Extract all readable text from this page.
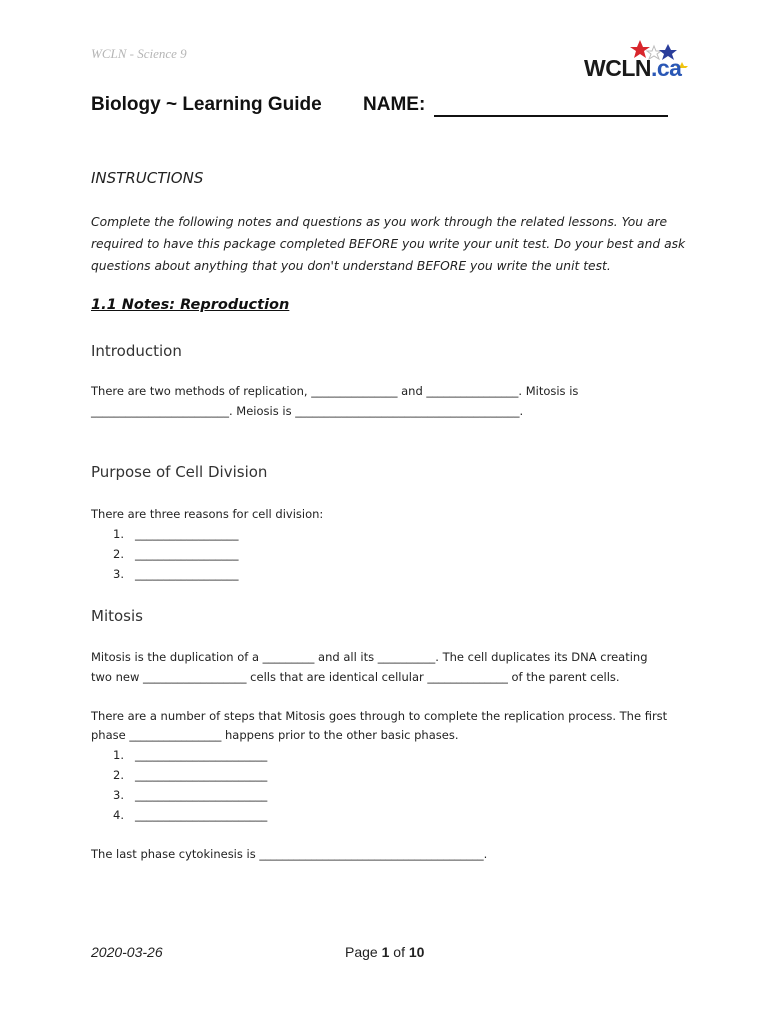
WCLN - Science 9
WCLN.ca
Biology ~ Learning Guide NAME:
INSTRUCTIONS
Complete the following notes and questions as you work through the related lessons. You are required to have this package completed BEFORE you write your unit test. Do your best and ask questions about anything that you don't understand BEFORE you write the unit test.
1.1 Notes: Reproduction
Introduction
There are two methods of replication, _______________ and ________________. Mitosis is
________________________. Meiosis is _______________________________________.
Purpose of Cell Division
There are three reasons for cell division:
1. __________________
2. __________________
3. __________________
Mitosis
Mitosis is the duplication of a _________ and all its __________. The cell duplicates its DNA creating
two new __________________ cells that are identical cellular ______________ of the parent cells.
There are a number of steps that Mitosis goes through to complete the replication process. The first
phase ________________ happens prior to the other basic phases.
1. _______________________
2. _______________________
3. _______________________
4. _______________________
The last phase cytokinesis is _______________________________________.
2020-03-26	Page 1 of 10
